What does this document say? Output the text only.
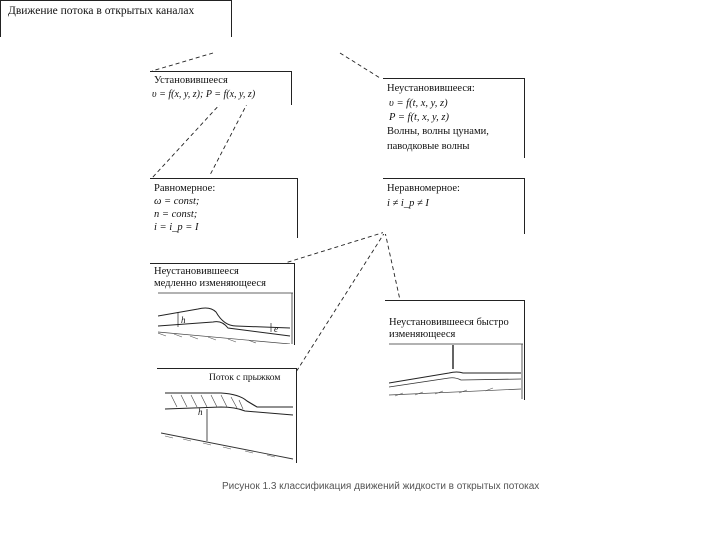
Движение потока в открытых каналах
Установившееся
υ = f(x, y, z); P = f(x, y, z)
Неустановившееся:
υ = f(t, x, y, z)
P = f(t, x, y, z)
Волны, волны цунами,
паводковые волны
Равномерное:
ω = const;
n = const;
i = i_p = I
Неравномерное:
i ≠ i_p ≠ I
Неустановившееся
медленно изменяющееся
h
e
Неустановившееся быстро
изменяющееся
Поток с прыжком
h
Рисунок 1.3 классификация движений жидкости в открытых потоках
